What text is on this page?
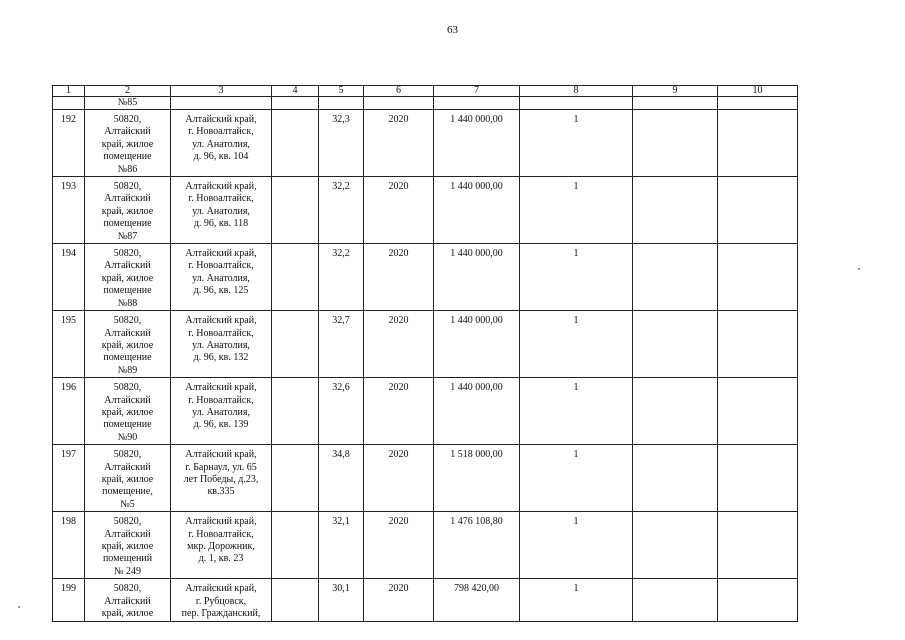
63
1	2	3	4	5	6	7	8	9	10
	№85								
192	50820,
Алтайский
край, жилое
помещение
№86	Алтайский край,
г. Новоалтайск,
ул. Анатолия,
д. 96, кв. 104		32,3	2020	1 440 000,00	1		
193	50820,
Алтайский
край, жилое
помещение
№87	Алтайский край,
г. Новоалтайск,
ул. Анатолия,
д. 96, кв. 118		32,2	2020	1 440 000,00	1		
194	50820,
Алтайский
край, жилое
помещение
№88	Алтайский край,
г. Новоалтайск,
ул. Анатолия,
д. 96, кв. 125		32,2	2020	1 440 000,00	1		
195	50820,
Алтайский
край, жилое
помещение
№89	Алтайский край,
г. Новоалтайск,
ул. Анатолия,
д. 96, кв. 132		32,7	2020	1 440 000,00	1		
196	50820,
Алтайский
край, жилое
помещение
№90	Алтайский край,
г. Новоалтайск,
ул. Анатолия,
д. 96, кв. 139		32,6	2020	1 440 000,00	1		
197	50820,
Алтайский
край, жилое
помещение,
№5	Алтайский край,
г. Барнаул, ул. 65
лет Победы, д.23,
кв.335		34,8	2020	1 518 000,00	1		
198	50820,
Алтайский
край, жилое
помещений
№ 249	Алтайский край,
г. Новоалтайск,
мкр. Дорожник,
д. 1, кв. 23		32,1	2020	1 476 108,80	1		
199	50820,
Алтайский
край, жилое	Алтайский край,
г. Рубцовск,
пер. Гражданский,		30,1	2020	798 420,00	1		
